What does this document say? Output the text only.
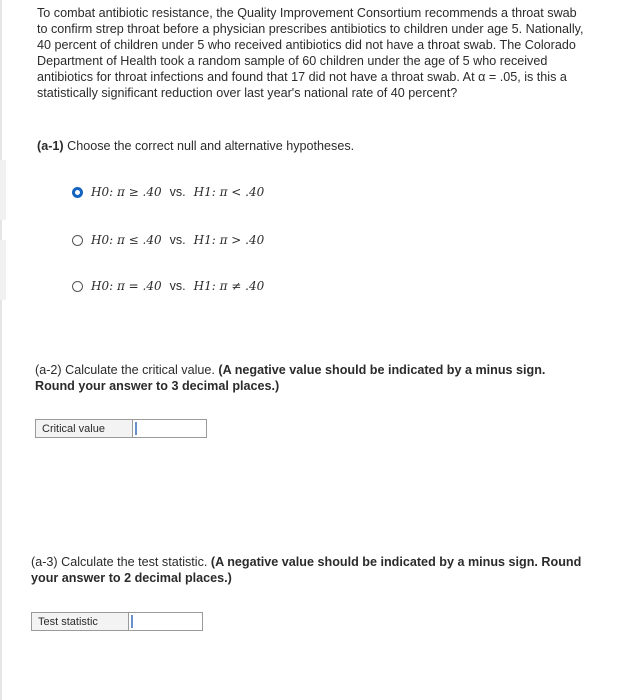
To combat antibiotic resistance, the Quality Improvement Consortium recommends a throat swab to confirm strep throat before a physician prescribes antibiotics to children under age 5. Nationally, 40 percent of children under 5 who received antibiotics did not have a throat swab. The Colorado Department of Health took a random sample of 60 children under the age of 5 who received antibiotics for throat infections and found that 17 did not have a throat swab. At α = .05, is this a statistically significant reduction over last year's national rate of 40 percent?

(a-1) Choose the correct null and alternative hypotheses.

H0: π ≥ .40 vs. H1: π < .40
H0: π ≤ .40 vs. H1: π > .40
H0: π = .40 vs. H1: π ≠ .40

(a-2) Calculate the critical value. (A negative value should be indicated by a minus sign. Round your answer to 3 decimal places.)

Critical value

(a-3) Calculate the test statistic. (A negative value should be indicated by a minus sign. Round your answer to 2 decimal places.)

Test statistic
